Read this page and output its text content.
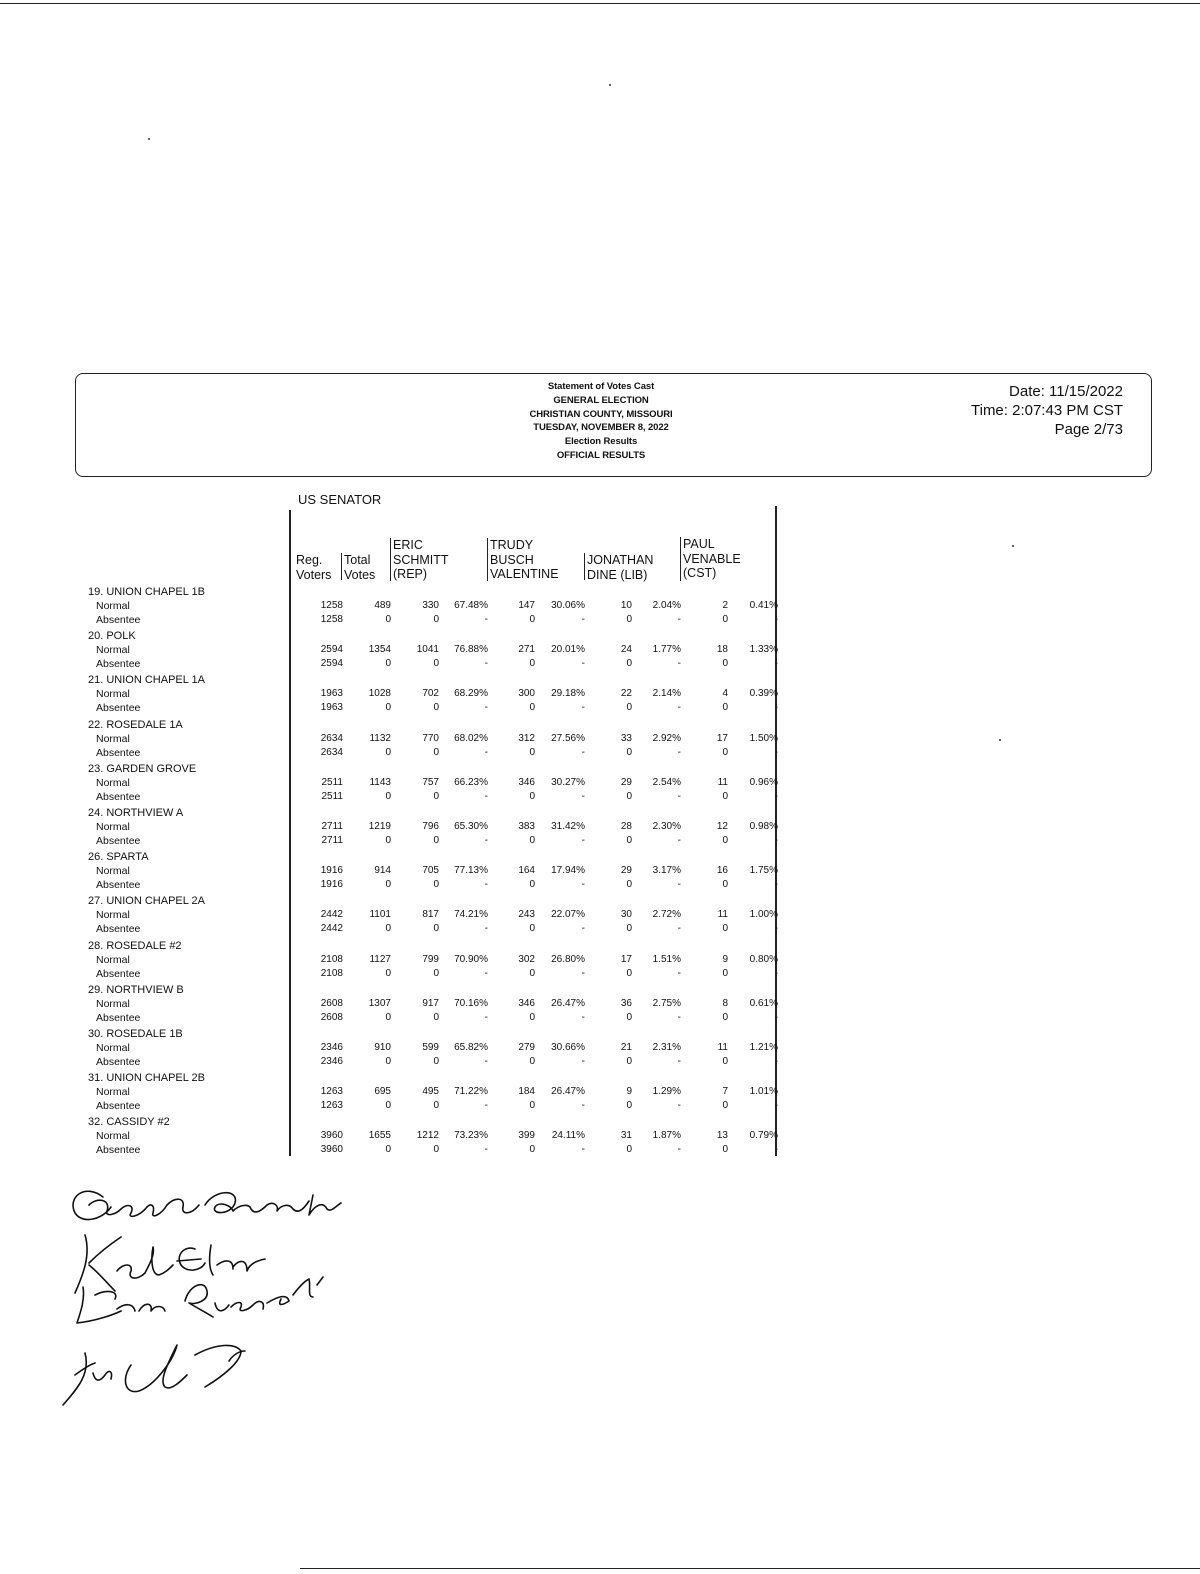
Statement of Votes Cast
GENERAL ELECTION
CHRISTIAN COUNTY, MISSOURI
TUESDAY, NOVEMBER 8, 2022
Election Results
OFFICIAL RESULTS
Date: 11/15/2022
Time: 2:07:43 PM CST
Page 2/73
US SENATOR
Reg.
Voters
Total
Votes
ERIC
SCHMITT
(REP)
TRUDY
BUSCH
VALENTINE
JONATHAN
DINE (LIB)
PAUL
VENABLE
(CST)
19. UNION CHAPEL 1B
Normal	1258	489	330	67.48%	147	30.06%	10	2.04%	2	0.41%
Absentee	1258	0	0	-	0	-	0	-	0	-
20. POLK
Normal	2594	1354	1041	76.88%	271	20.01%	24	1.77%	18	1.33%
Absentee	2594	0	0	-	0	-	0	-	0	-
21. UNION CHAPEL 1A
Normal	1963	1028	702	68.29%	300	29.18%	22	2.14%	4	0.39%
Absentee	1963	0	0	-	0	-	0	-	0	-
22. ROSEDALE 1A
Normal	2634	1132	770	68.02%	312	27.56%	33	2.92%	17	1.50%
Absentee	2634	0	0	-	0	-	0	-	0	-
23. GARDEN GROVE
Normal	2511	1143	757	66.23%	346	30.27%	29	2.54%	11	0.96%
Absentee	2511	0	0	-	0	-	0	-	0	-
24. NORTHVIEW A
Normal	2711	1219	796	65.30%	383	31.42%	28	2.30%	12	0.98%
Absentee	2711	0	0	-	0	-	0	-	0	-
26. SPARTA
Normal	1916	914	705	77.13%	164	17.94%	29	3.17%	16	1.75%
Absentee	1916	0	0	-	0	-	0	-	0	-
27. UNION CHAPEL 2A
Normal	2442	1101	817	74.21%	243	22.07%	30	2.72%	11	1.00%
Absentee	2442	0	0	-	0	-	0	-	0	-
28. ROSEDALE #2
Normal	2108	1127	799	70.90%	302	26.80%	17	1.51%	9	0.80%
Absentee	2108	0	0	-	0	-	0	-	0	-
29. NORTHVIEW B
Normal	2608	1307	917	70.16%	346	26.47%	36	2.75%	8	0.61%
Absentee	2608	0	0	-	0	-	0	-	0	-
30. ROSEDALE 1B
Normal	2346	910	599	65.82%	279	30.66%	21	2.31%	11	1.21%
Absentee	2346	0	0	-	0	-	0	-	0	-
31. UNION CHAPEL 2B
Normal	1263	695	495	71.22%	184	26.47%	9	1.29%	7	1.01%
Absentee	1263	0	0	-	0	-	0	-	0	-
32. CASSIDY #2
Normal	3960	1655	1212	73.23%	399	24.11%	31	1.87%	13	0.79%
Absentee	3960	0	0	-	0	-	0	-	0	-
